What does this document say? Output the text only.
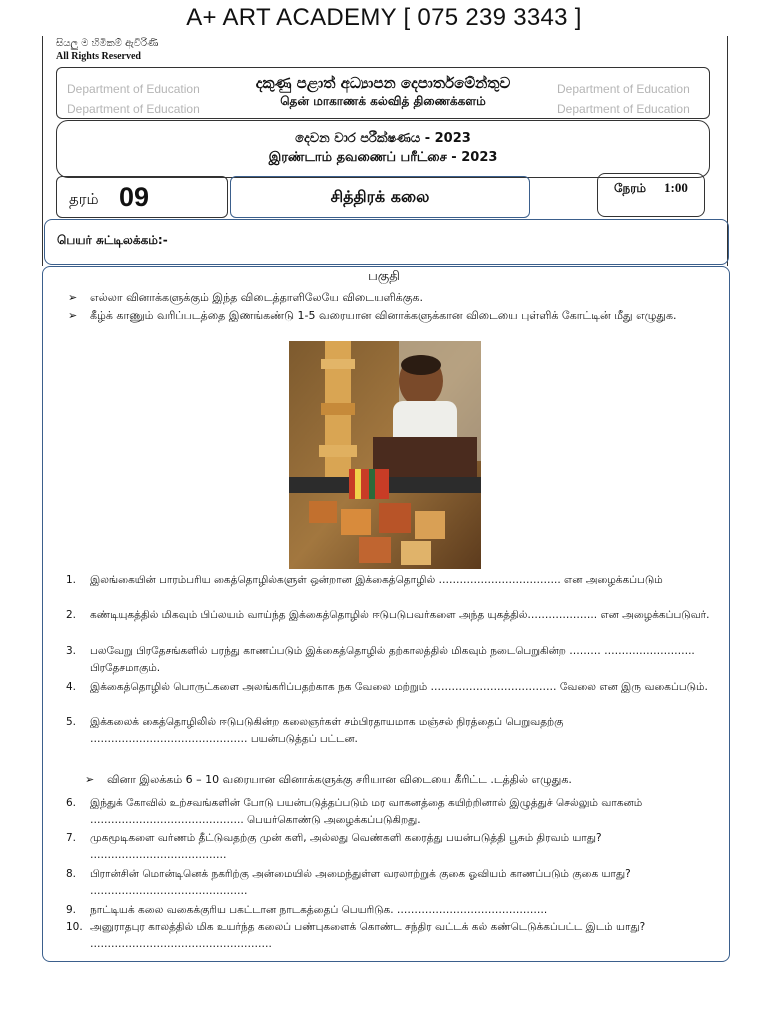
A+ ART ACADEMY [ 075 239 3343 ]
සියලු ම හිමිකම් ඇවිරිණි
All Rights Reserved
Department of Education
Department of Education
Department of Education
Department of Education
දකුණු පළාත් අධ්‍යාපන දෙපාර්තමේන්තුව
தென் மாகாணக் கல்வித் திணைக்களம்
දෙවන වාර පරීක්ෂණය - 2023
இரண்டாம் தவணைப் பரீட்சை - 2023
தரம் 09	சித்திரக் கலை	நேரம் 1:00
பெயர் சுட்டிலக்கம்:-
பகுதி
➢ எல்லா வினாக்களுக்கும் இந்த விடைத்தாளிலேயே விடையளிக்குக.
➢ கீழ்க் காணும் வரிப்படத்தை இணங்கண்டு 1-5 வரையான வினாக்களுக்கான விடையை புள்ளிக் கோட்டின் மீது எழுதுக.
1. இலங்கையின் பாரம்பரிய கைத்தொழில்களுள் ஒன்றான இக்கைத்தொழில் …………………………….. என அழைக்கப்படும்
2. கண்டியுகத்தில் மிகவும் பிப்லயம் வாய்ந்த இக்கைத்தொழில் ஈடுபடுபவர்களை அந்த யுகத்தில்……………….. என அழைக்கப்படுவர்.
3. பலவேறு பிரதேசங்களில் பரந்து காணப்படும் இக்கைத்தொழில் தற்காலத்தில் மிகவும் நடைபெறுகின்ற ……… …………………….. பிரதேசமாகும்.
4. இக்கைத்தொழில் பொருட்களை அலங்கரிப்பதற்காக நக வேலை மற்றும் ……………………………… வேலை என இரு வகைப்படும்.
5. இக்கலைக் கைத்தொழிலில் ஈடுபடுகின்ற கலைஞர்கள் சம்பிரதாயமாக மஞ்சல் நிரத்தைப் பெறுவதற்கு ……………………………………… பயன்படுத்தப் பட்டன.
➢ வினா இலக்கம் 6 – 10 வரையான வினாக்களுக்கு சரியான விடையை கீரிட்ட .டத்தில் எழுதுக.
6. இந்துக் கோவில் உற்சவங்களின் போடு பயன்படுத்தப்படும் மர வாகனத்தை கயிற்றினால் இழுத்துச் செல்லும் வாகனம் …………………………………….. பெயர்கொண்டு அழைக்கப்படுகிறது.
7. முகமூடிகளை வர்ணம் தீட்டுவதற்கு முன் களி, அல்லது வெண்களி கரைத்து பயன்படுத்தி பூசும் திரவம் யாது? …………………………………
8. பிரான்சின் மொன்டினெக் நகரிற்கு அன்மையில் அமைந்துள்ள வரலாற்றுக் குகை ஓவியம் காணப்படும் குகை யாது? ………………………………………
9. நாட்டியக் கலை வகைக்குரிய பகட்டான நாடகத்தைப் பெயரிடுக. …………………………………….
10. அனுராதபுர காலத்தில் மிக உயர்ந்த கலைப் பண்புகளைக் கொண்ட சந்திர வட்டக் கல் கண்டெடுக்கப்பட்ட இடம் யாது? …………………………………………….
